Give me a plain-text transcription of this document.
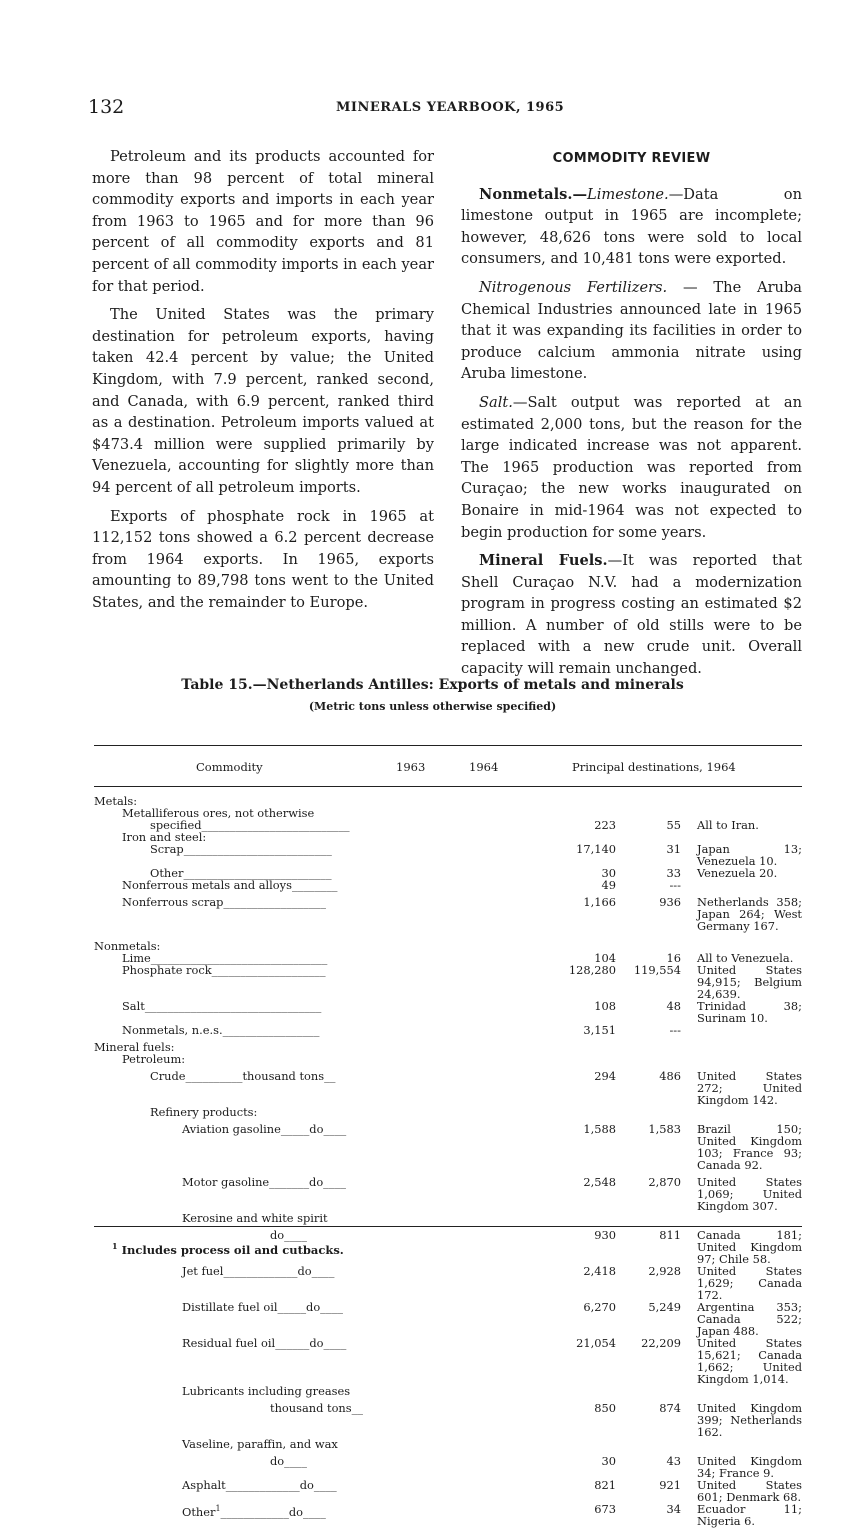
132	MINERALS YEARBOOK, 1965

Petroleum and its products accounted for more than 98 percent of total mineral commodity exports and imports in each year from 1963 to 1965 and for more than 96 percent of all commodity exports and 81 percent of all commodity imports in each year for that period.

The United States was the primary destination for petroleum exports, having taken 42.4 percent by value; the United Kingdom, with 7.9 percent, ranked second, and Canada, with 6.9 percent, ranked third as a destination. Petroleum imports valued at $473.4 million were supplied primarily by Venezuela, accounting for slightly more than 94 percent of all petroleum imports.

Exports of phosphate rock in 1965 at 112,152 tons showed a 6.2 percent decrease from 1964 exports. In 1965, exports amounting to 89,798 tons went to the United States, and the remainder to Europe.

COMMODITY REVIEW

Nonmetals.—Limestone.—Data on limestone output in 1965 are incomplete; however, 48,626 tons were sold to local consumers, and 10,481 tons were exported.

Nitrogenous Fertilizers. — The Aruba Chemical Industries announced late in 1965 that it was expanding its facilities in order to produce calcium ammonia nitrate using Aruba limestone.

Salt.—Salt output was reported at an estimated 2,000 tons, but the reason for the large indicated increase was not apparent. The 1965 production was reported from Curaçao; the new works inaugurated on Bonaire in mid-1964 was not expected to begin production for some years.

Mineral Fuels.—It was reported that Shell Curaçao N.V. had a modernization program in progress costing an estimated $2 million. A number of old stills were to be replaced with a new crude unit. Overall capacity will remain unchanged.

Table 15.—Netherlands Antilles: Exports of metals and minerals
(Metric tons unless otherwise specified)
Commodity	1963	1964	Principal destinations, 1964
Metals:			
Metalliferous ores, not otherwise			
specified__________________________	223	55	All to Iran.
Iron and steel:			
Scrap__________________________	17,140	31	Japan 13; Venezuela 10.
Other__________________________	30	33	Venezuela 20.
Nonferrous metals and alloys________	49	---	
Nonferrous scrap__________________	1,166	936	Netherlands 358; Japan 264; West Germany 167.
Nonmetals:			
Lime_______________________________	104	16	All to Venezuela.
Phosphate rock____________________	128,280	119,554	United States 94,915; Belgium 24,639.
Salt_______________________________	108	48	Trinidad 38; Surinam 10.
Nonmetals, n.e.s._________________	3,151	---	
Mineral fuels:			
Petroleum:			
Crude__________thousand tons__	294	486	United States 272; United Kingdom 142.
Refinery products:			
Aviation gasoline_____do____	1,588	1,583	Brazil 150; United Kingdom 103; France 93; Canada 92.
Motor gasoline_______do____	2,548	2,870	United States 1,069; United Kingdom 307.
Kerosine and white spirit			
do____	930	811	Canada 181; United Kingdom 97; Chile 58.
Jet fuel_____________do____	2,418	2,928	United States 1,629; Canada 172.
Distillate fuel oil_____do____	6,270	5,249	Argentina 353; Canada 522; Japan 488.
Residual fuel oil______do____	21,054	22,209	United States 15,621; Canada 1,662; United Kingdom 1,014.
Lubricants including greases			
thousand tons__	850	874	United Kingdom 399; Netherlands 162.
Vaseline, paraffin, and wax			
do____	30	43	United Kingdom 34; France 9.
Asphalt_____________do____	821	921	United States 601; Denmark 68.
Other$^1$____________do____	673	34	Ecuador 11; Nigeria 6.
$^1$ Includes process oil and cutbacks.
